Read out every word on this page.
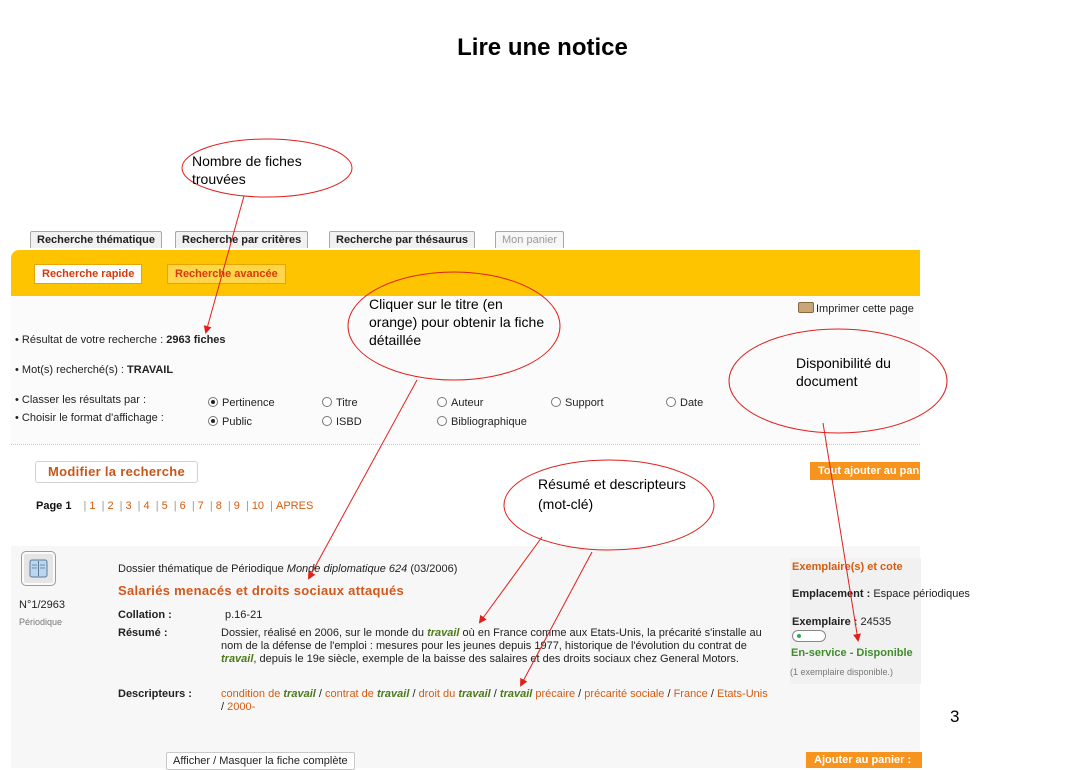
Lire une notice
Recherche thématique	Recherche par critères	Recherche par thésaurus	Mon panier
Recherche rapide	Recherche avancée
Imprimer cette page
• Résultat de votre recherche : 2963 fiches
• Mot(s) recherché(s) : TRAVAIL
• Classer les résultats par :
• Choisir le format d'affichage :
Pertinence	Titre	Auteur	Support	Date
Public	ISBD	Bibliographique
Modifier la recherche	Tout ajouter au panier
Page 1 | 1 | 2 | 3 | 4 | 5 | 6 | 7 | 8 | 9 | 10 | APRES
N°1/2963
Périodique
Dossier thématique de Périodique Monde diplomatique 624 (03/2006)
Salariés menacés et droits sociaux attaqués
Collation :	p.16-21
Résumé :	Dossier, réalisé en 2006, sur le monde du travail où en France comme aux Etats-Unis, la précarité s'installe au nom de la défense de l'emploi : mesures pour les jeunes depuis 1977, historique de l'évolution du contrat de travail, depuis le 19e siècle, exemple de la baisse des salaires et des droits sociaux chez General Motors.
Descripteurs :	condition de travail / contrat de travail / droit du travail / travail précaire / précarité sociale / France / Etats-Unis / 2000-
Exemplaire(s) et cote
Emplacement : Espace périodiques
Exemplaire : 24535
En-service - Disponible
(1 exemplaire disponible.)
Afficher / Masquer la fiche complète	Ajouter au panier :
Nombre de fiches trouvées
Cliquer sur le titre (en orange) pour obtenir la fiche détaillée
Disponibilité du document
Résumé et descripteurs (mot-clé)
3
